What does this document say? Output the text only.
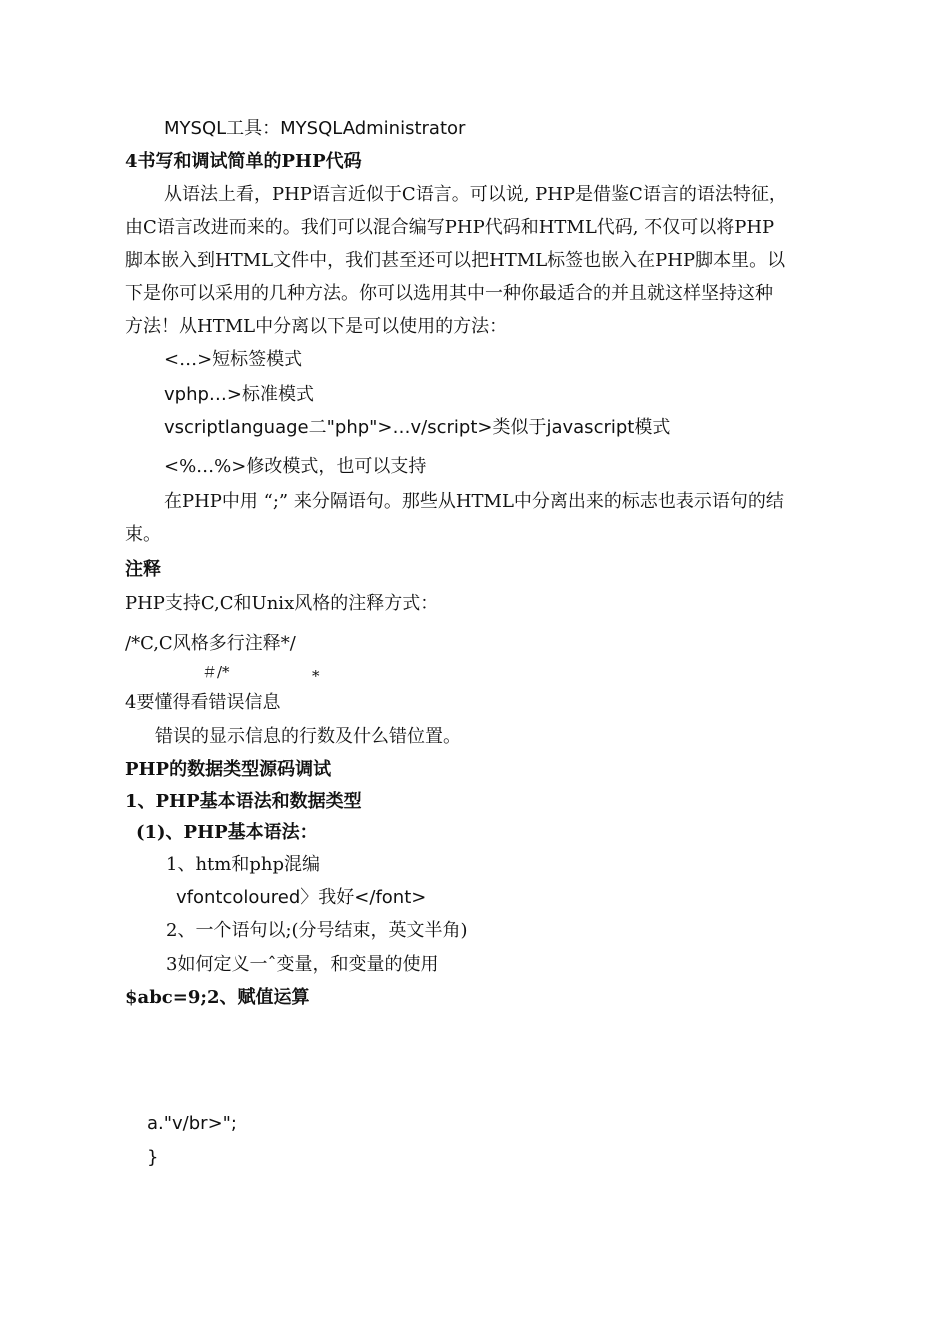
MYSQL工具：MYSQLAdministrator
4书写和调试简单的PHP代码
从语法上看，PHP语言近似于C语言。可以说, PHP是借鉴C语言的语法特征，
由C语言改进而来的。我们可以混合编写PHP代码和HTML代码, 不仅可以将PHP
脚本嵌入到HTML文件中，我们甚至还可以把HTML标签也嵌入在PHP脚本里。以
下是你可以采用的几种方法。你可以选用其中一种你最适合的并且就这样坚持这种
方法！从HTML中分离以下是可以使用的方法：
<…>短标签模式
vphp…>标准模式
vscriptlanguage二"php">…v/script>类似于javascript模式
<%…%>修改模式，也可以支持
在PHP中用 “;” 来分隔语句。那些从HTML中分离出来的标志也表示语句的结
束。
注释
PHP支持C,C和Unix风格的注释方式：
/*C,C风格多行注释*/
＃/*	*
4要懂得看错误信息
错误的显示信息的行数及什么错位置。
PHP的数据类型源码调试
1、PHP基本语法和数据类型
(1)、PHP基本语法：
1、htm和php混编
vfontcoloured〉我好</font>
2、一个语句以;(分号结束，英文半角)
3如何定义一ˆ变量，和变量的使用
$abc=9;2、赋值运算
a."v/br>";
}
